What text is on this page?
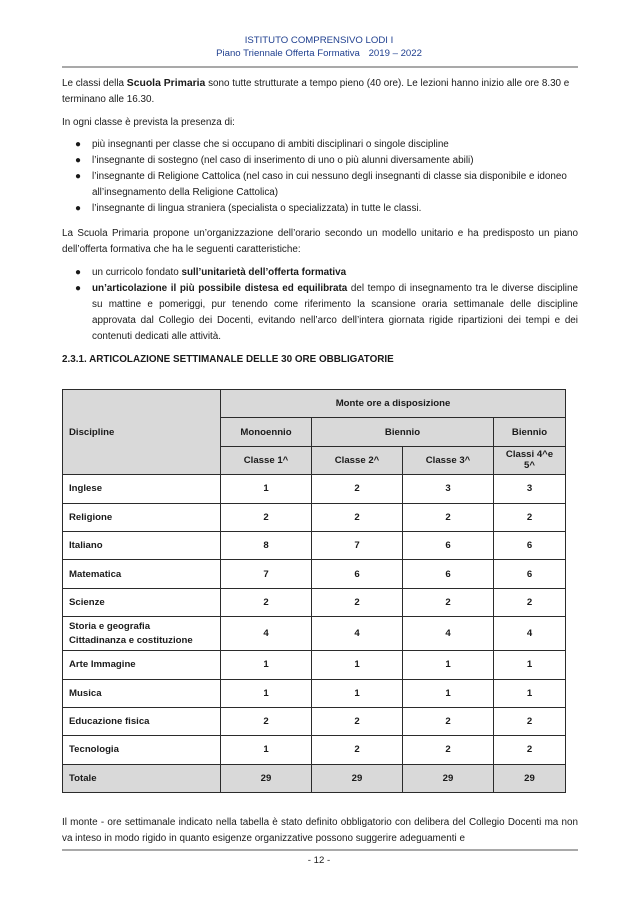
ISTITUTO COMPRENSIVO LODI I
Piano Triennale Offerta Formativa 2019 – 2022

Le classi della Scuola Primaria sono tutte strutturate a tempo pieno (40 ore). Le lezioni hanno inizio alle ore 8.30 e terminano alle 16.30.

In ogni classe è prevista la presenza di:

● più insegnanti per classe che si occupano di ambiti disciplinari o singole discipline
● l’insegnante di sostegno (nel caso di inserimento di uno o più alunni diversamente abili)
● l’insegnante di Religione Cattolica (nel caso in cui nessuno degli insegnanti di classe sia disponibile e idoneo all’insegnamento della Religione Cattolica)
● l’insegnante di lingua straniera (specialista o specializzata) in tutte le classi.

La Scuola Primaria propone un’organizzazione dell’orario secondo un modello unitario e ha predisposto un piano dell’offerta formativa che ha le seguenti caratteristiche:

● un curricolo fondato sull’unitarietà dell’offerta formativa
● un’articolazione il più possibile distesa ed equilibrata del tempo di insegnamento tra le diverse discipline su mattine e pomeriggi, pur tenendo come riferimento la scansione oraria settimanale delle discipline approvata dal Collegio dei Docenti, evitando nell’arco dell’intera giornata rigide ripartizioni dei tempi e dei contenuti dedicati alle attività.

2.3.1. ARTICOLAZIONE SETTIMANALE DELLE 30 ORE OBBLIGATORIE

Discipline	Monte ore a disposizione			
	Monoennio	Biennio		Biennio
	Classe 1^	Classe 2^	Classe 3^	Classi 4^e 5^
Inglese	1	2	3	3
Religione	2	2	2	2
Italiano	8	7	6	6
Matematica	7	6	6	6
Scienze	2	2	2	2

Storia e geografia
Cittadinanza e costituzione	4	4	4	4
Arte Immagine	1	1	1	1
Musica	1	1	1	1
Educazione fisica	2	2	2	2
Tecnologia	1	2	2	2
Totale	29	29	29	29
Il monte - ore settimanale indicato nella tabella è stato definito obbligatorio con delibera del Collegio Docenti ma non va inteso in modo rigido in quanto esigenze organizzative possono suggerire adeguamenti e
- 12 -
